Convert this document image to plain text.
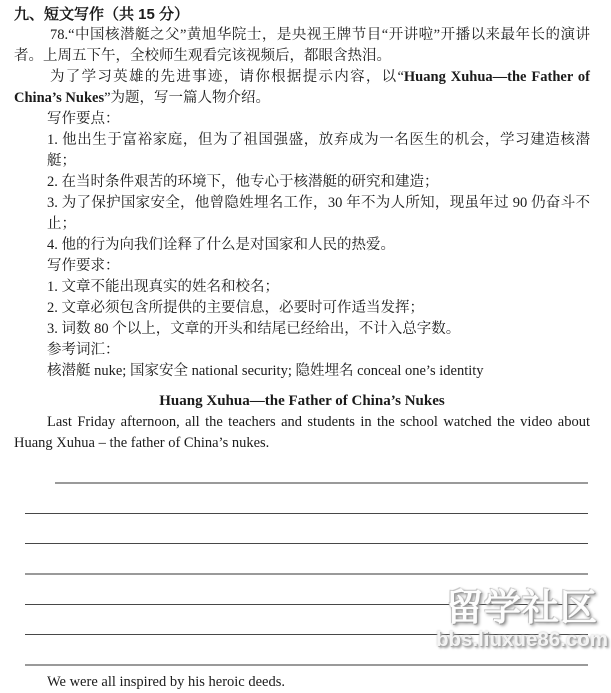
九、短文写作（共 15 分）

78.“中国核潜艇之父”黄旭华院士，是央视王牌节目“开讲啦”开播以来最年长的演讲者。上周五下午，全校师生观看完该视频后，都眼含热泪。

为了学习英雄的先进事迹，请你根据提示内容，以“Huang Xuhua—the Father of China’s Nukes”为题，写一篇人物介绍。

写作要点：
1. 他出生于富裕家庭，但为了祖国强盛，放弃成为一名医生的机会，学习建造核潜艇；
2. 在当时条件艰苦的环境下，他专心于核潜艇的研究和建造；
3. 为了保护国家安全，他曾隐姓埋名工作，30 年不为人所知，现虽年过 90 仍奋斗不止；
4. 他的行为向我们诠释了什么是对国家和人民的热爱。
写作要求：
1. 文章不能出现真实的姓名和校名；
2. 文章必须包含所提供的主要信息，必要时可作适当发挥；
3. 词数 80 个以上，文章的开头和结尾已经给出，不计入总字数。
参考词汇：
核潜艇 nuke; 国家安全 national security; 隐姓埋名 conceal one’s identity
Huang Xuhua—the Father of China’s Nukes

Last Friday afternoon, all the teachers and students in the school watched the video about Huang Xuhua – the father of China’s nukes.

We were all inspired by his heroic deeds.
留学社区
bbs.liuxue86.com
